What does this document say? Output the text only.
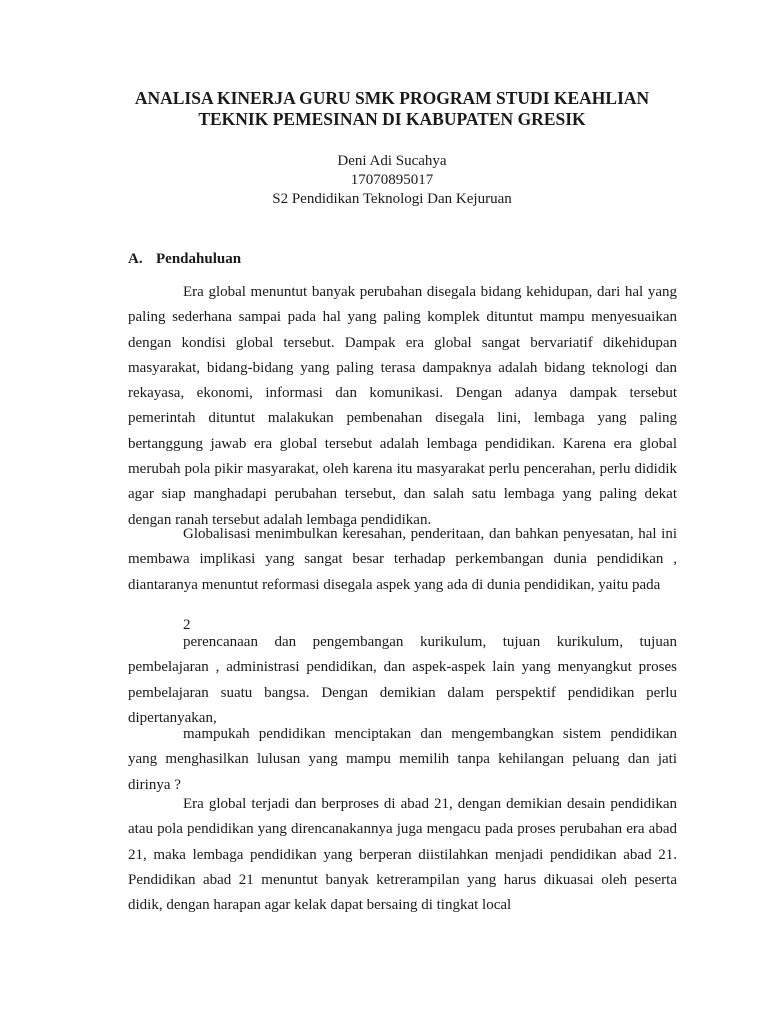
ANALISA KINERJA GURU SMK PROGRAM STUDI KEAHLIAN
TEKNIK PEMESINAN DI KABUPATEN GRESIK
Deni Adi Sucahya
17070895017
S2 Pendidikan Teknologi Dan Kejuruan
A. Pendahuluan
Era global menuntut banyak perubahan disegala bidang kehidupan, dari hal yang paling sederhana sampai pada hal yang paling komplek dituntut mampu menyesuaikan dengan kondisi global tersebut. Dampak era global sangat bervariatif dikehidupan masyarakat, bidang-bidang yang paling terasa dampaknya adalah bidang teknologi dan rekayasa, ekonomi, informasi dan komunikasi. Dengan adanya dampak tersebut pemerintah dituntut malakukan pembenahan disegala lini, lembaga yang paling bertanggung jawab era global tersebut adalah lembaga pendidikan. Karena era global merubah pola pikir masyarakat, oleh karena itu masyarakat perlu pencerahan, perlu dididik agar siap manghadapi perubahan tersebut, dan salah satu lembaga yang paling dekat dengan ranah tersebut adalah lembaga pendidikan.
Globalisasi menimbulkan keresahan, penderitaan, dan bahkan penyesatan, hal ini membawa implikasi yang sangat besar terhadap perkembangan dunia pendidikan , diantaranya menuntut reformasi disegala aspek yang ada di dunia pendidikan, yaitu pada
2
perencanaan dan pengembangan kurikulum, tujuan kurikulum, tujuan pembelajaran , administrasi pendidikan, dan aspek-aspek lain yang menyangkut proses pembelajaran suatu bangsa. Dengan demikian dalam perspektif pendidikan perlu dipertanyakan,
mampukah pendidikan menciptakan dan mengembangkan sistem pendidikan yang menghasilkan lulusan yang mampu memilih tanpa kehilangan peluang dan jati dirinya ?
Era global terjadi dan berproses di abad 21, dengan demikian desain pendidikan atau pola pendidikan yang direncanakannya juga mengacu pada proses perubahan era abad 21, maka lembaga pendidikan yang berperan diistilahkan menjadi pendidikan abad 21. Pendidikan abad 21 menuntut banyak ketrerampilan yang harus dikuasai oleh peserta didik, dengan harapan agar kelak dapat bersaing di tingkat local
